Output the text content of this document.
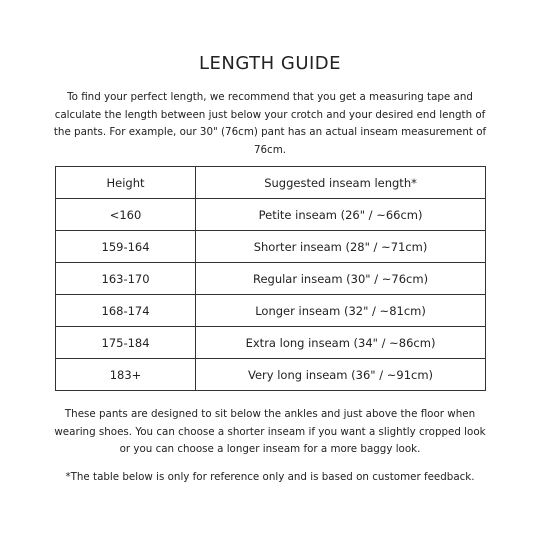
LENGTH GUIDE

To find your perfect length, we recommend that you get a measuring tape and calculate the length between just below your crotch and your desired end length of the pants. For example, our 30" (76cm) pant has an actual inseam measurement of 76cm.

Height	Suggested inseam length*
<160	Petite inseam (26" / ~66cm)
159-164	Shorter inseam (28" / ~71cm)
163-170	Regular inseam (30" / ~76cm)
168-174	Longer inseam (32" / ~81cm)
175-184	Extra long inseam (34" / ~86cm)
183+	Very long inseam (36" / ~91cm)

These pants are designed to sit below the ankles and just above the floor when wearing shoes. You can choose a shorter inseam if you want a slightly cropped look or you can choose a longer inseam for a more baggy look.

*The table below is only for reference only and is based on customer feedback.
